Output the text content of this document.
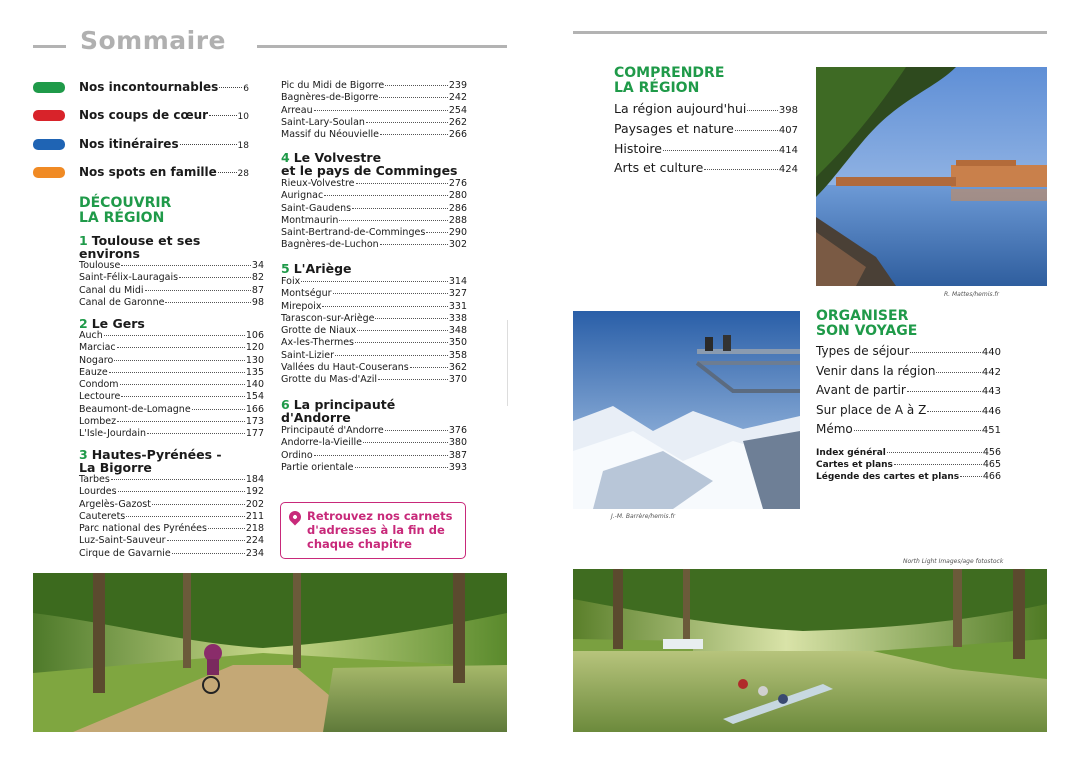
Sommaire
Nos incontournables	6
Nos coups de cœur	10
Nos itinéraires	18
Nos spots en famille 28
DÉCOUVRIR
LA RÉGION
1 Toulouse et ses
environs
Toulouse	34
Saint-Félix-Lauragais	82
Canal du Midi	87
Canal de Garonne	98
2 Le Gers
Auch	106
Marciac	120
Nogaro	130
Eauze	135
Condom	140
Lectoure	154
Beaumont-de-Lomagne	166
Lombez	173
L'Isle-Jourdain	177
3 Hautes-Pyrénées -
La Bigorre
Tarbes	184
Lourdes	192
Argelès-Gazost	202
Cauterets	211
Parc national des Pyrénées	218
Luz-Saint-Sauveur	224
Cirque de Gavarnie	234
Pic du Midi de Bigorre	239
Bagnères-de-Bigorre	242
Arreau	254
Saint-Lary-Soulan	262
Massif du Néouvielle	266
4 Le Volvestre
et le pays de Comminges
Rieux-Volvestre	276
Aurignac	280
Saint-Gaudens	286
Montmaurin	288
Saint-Bertrand-de-Comminges 290
Bagnères-de-Luchon	302
5 L'Ariège
Foix	314
Montségur	327
Mirepoix	331
Tarascon-sur-Ariège	338
Grotte de Niaux	348
Ax-les-Thermes	350
Saint-Lizier	358
Vallées du Haut-Couserans	362
Grotte du Mas-d'Azil	370
6 La principauté
d'Andorre
Principauté d'Andorre	376
Andorre-la-Vieille	380
Ordino	387
Partie orientale	393
Retrouvez nos carnets d'adresses à la fin de chaque chapitre
COMPRENDRE
LA RÉGION
La région aujourd'hui	398
Paysages et nature	407
Histoire	414
Arts et culture	424
R. Mattes/hemis.fr
ORGANISER
SON VOYAGE
Types de séjour	440
Venir dans la région	442
Avant de partir	443
Sur place de A à Z	446
Mémo	451
Index général	456
Cartes et plans	465
Légende des cartes et plans 466
J.-M. Barrère/hemis.fr
North Light Images/age fotostock
